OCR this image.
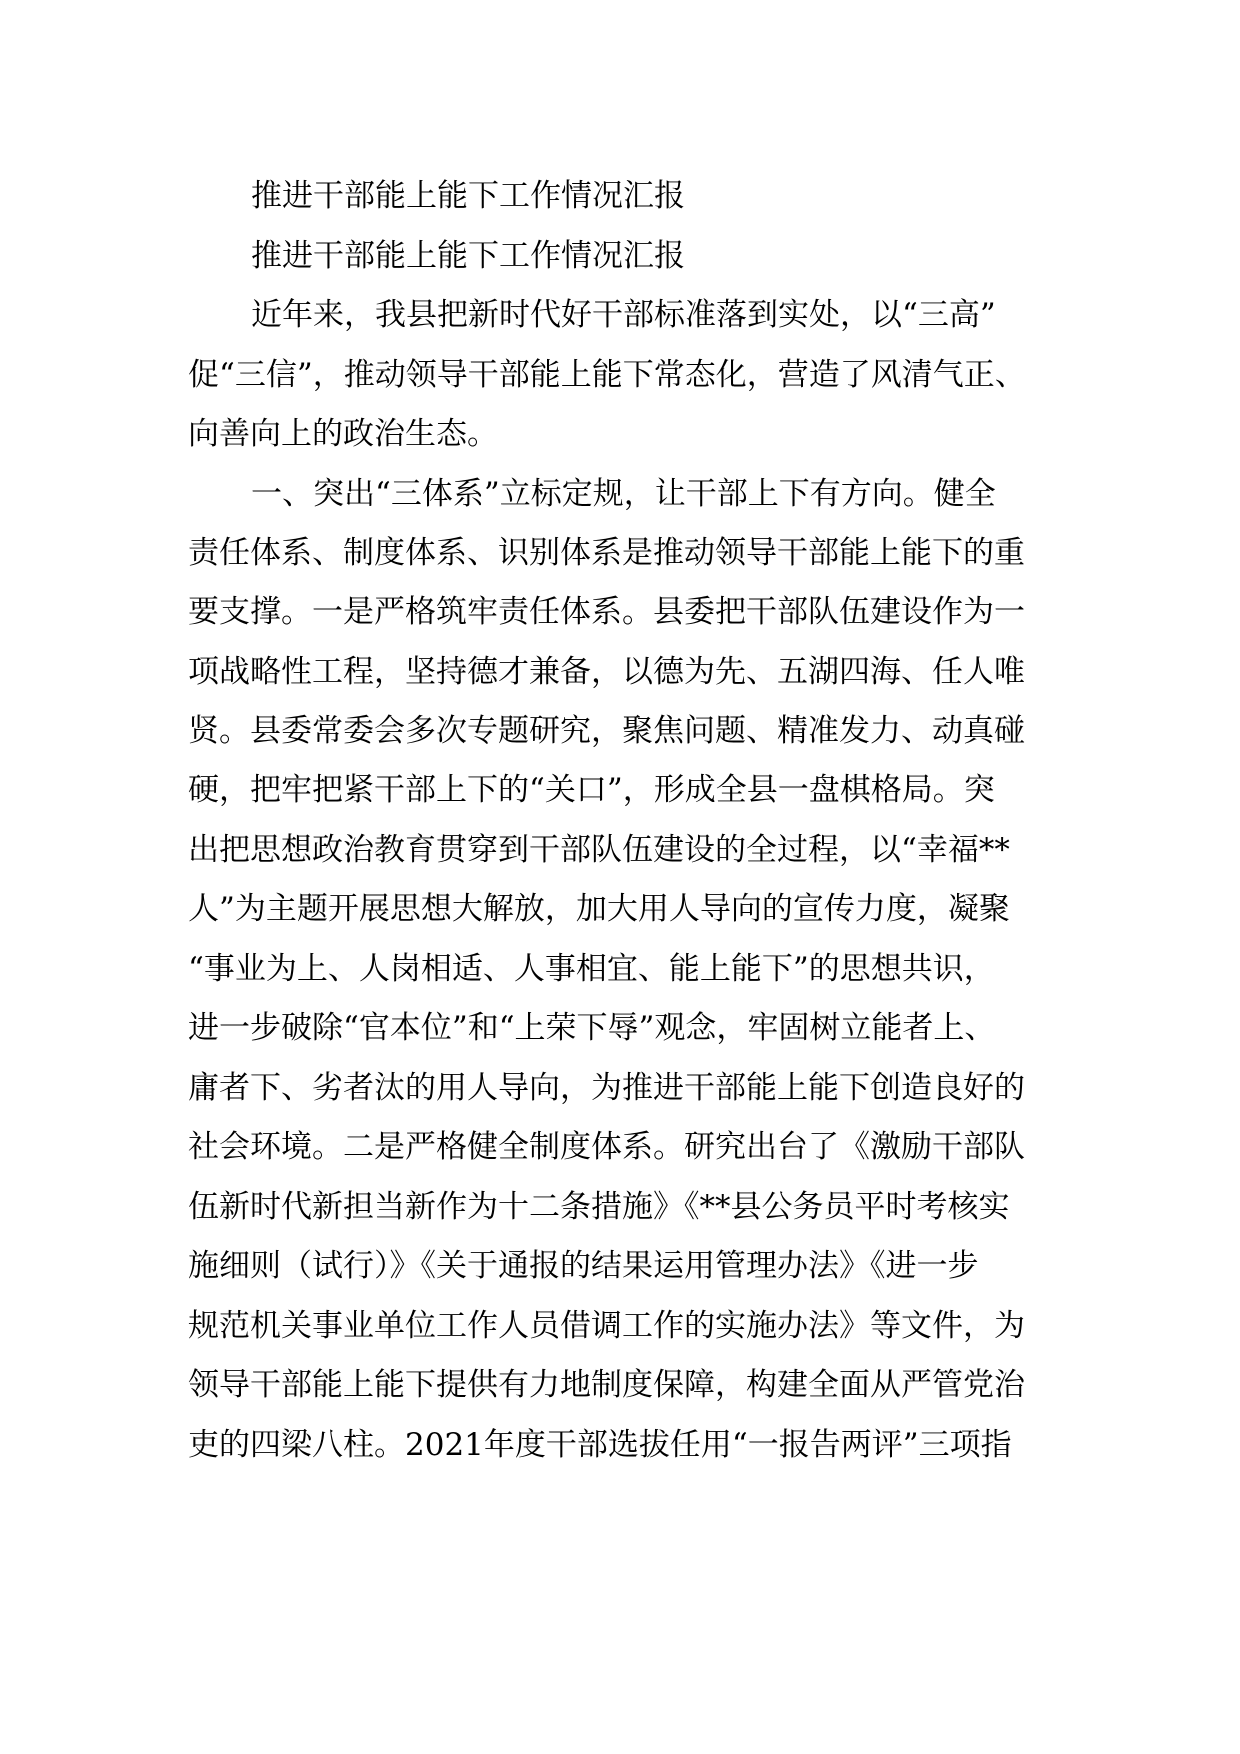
推进干部能上能下工作情况汇报
推进干部能上能下工作情况汇报
近年来，我县把新时代好干部标准落到实处，以“三高”
促“三信”，推动领导干部能上能下常态化，营造了风清气正、
向善向上的政治生态。
一、突出“三体系”立标定规，让干部上下有方向。健全
责任体系、制度体系、识别体系是推动领导干部能上能下的重
要支撑。一是严格筑牢责任体系。县委把干部队伍建设作为一
项战略性工程，坚持德才兼备，以德为先、五湖四海、任人唯
贤。县委常委会多次专题研究，聚焦问题、精准发力、动真碰
硬，把牢把紧干部上下的“关口”，形成全县一盘棋格局。突
出把思想政治教育贯穿到干部队伍建设的全过程，以“幸福**
人”为主题开展思想大解放，加大用人导向的宣传力度，凝聚
“事业为上、人岗相适、人事相宜、能上能下”的思想共识，
进一步破除“官本位”和“上荣下辱”观念，牢固树立能者上、
庸者下、劣者汰的用人导向，为推进干部能上能下创造良好的
社会环境。二是严格健全制度体系。研究出台了《激励干部队
伍新时代新担当新作为十二条措施》《**县公务员平时考核实
施细则（试行）》《关于通报的结果运用管理办法》《进一步
规范机关事业单位工作人员借调工作的实施办法》等文件，为
领导干部能上能下提供有力地制度保障，构建全面从严管党治
吏的四梁八柱。2021年度干部选拔任用“一报告两评”三项指
